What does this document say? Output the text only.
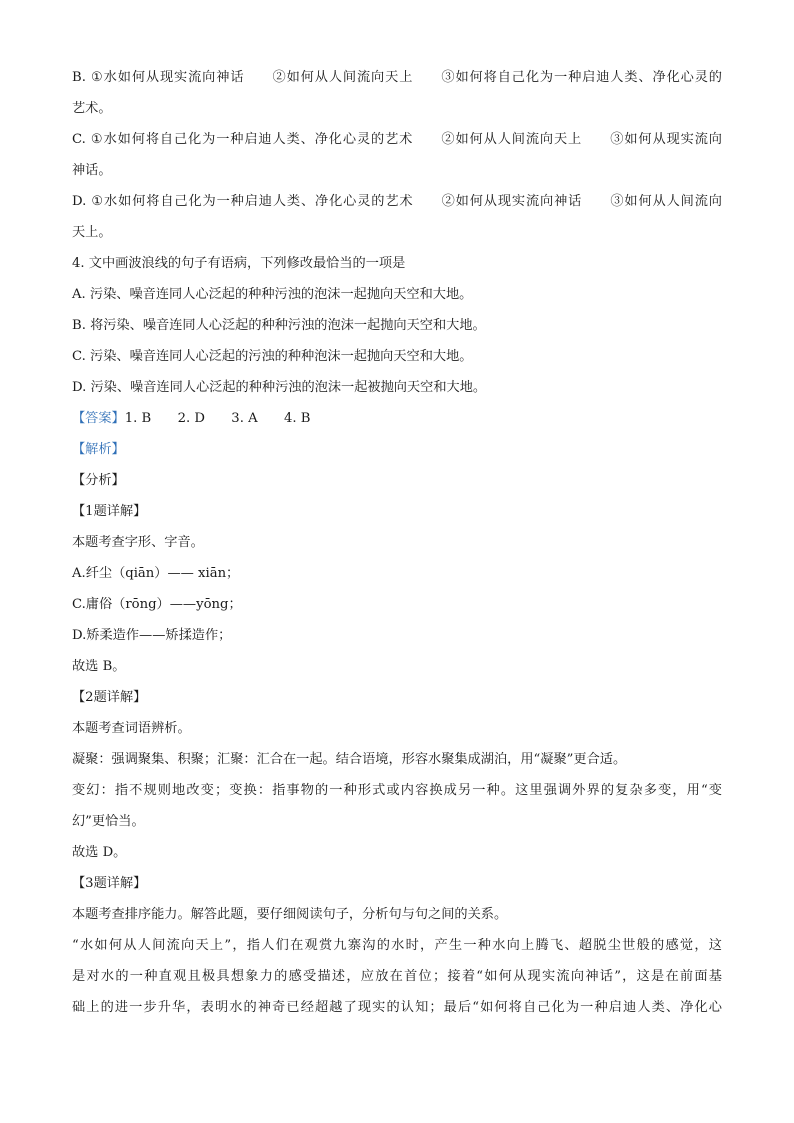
B. ①水如何从现实流向神话　　②如何从人间流向天上　　③如何将自己化为一种启迪人类、净化心灵的
艺术。
C. ①水如何将自己化为一种启迪人类、净化心灵的艺术　　②如何从人间流向天上　　③如何从现实流向
神话。
D. ①水如何将自己化为一种启迪人类、净化心灵的艺术　　②如何从现实流向神话　　③如何从人间流向
天上。
4. 文中画波浪线的句子有语病，下列修改最恰当的一项是
A. 污染、噪音连同人心泛起的种种污浊的泡沫一起抛向天空和大地。
B. 将污染、噪音连同人心泛起的种种污浊的泡沫一起抛向天空和大地。
C. 污染、噪音连同人心泛起的污浊的种种泡沫一起抛向天空和大地。
D. 污染、噪音连同人心泛起的种种污浊的泡沫一起被抛向天空和大地。
【答案】1. B　　2. D　　3. A　　4. B
【解析】
【分析】
【1题详解】
本题考查字形、字音。
A.纤尘（qiān）—— xiān；
C.庸俗（rōng）——yōng；
D.矫柔造作——矫揉造作；
故选 B。
【2题详解】
本题考查词语辨析。
凝聚：强调聚集、积聚；汇聚：汇合在一起。结合语境，形容水聚集成湖泊，用“凝聚”更合适。
变幻：指不规则地改变；变换：指事物的一种形式或内容换成另一种。这里强调外界的复杂多变，用“变
幻”更恰当。
故选 D。
【3题详解】
本题考查排序能力。解答此题，要仔细阅读句子，分析句与句之间的关系。
“水如何从人间流向天上”，指人们在观赏九寨沟的水时，产生一种水向上腾飞、超脱尘世般的感觉，这
是对水的一种直观且极具想象力的感受描述，应放在首位；接着“如何从现实流向神话”，这是在前面基
础上的进一步升华，表明水的神奇已经超越了现实的认知；最后“如何将自己化为一种启迪人类、净化心
